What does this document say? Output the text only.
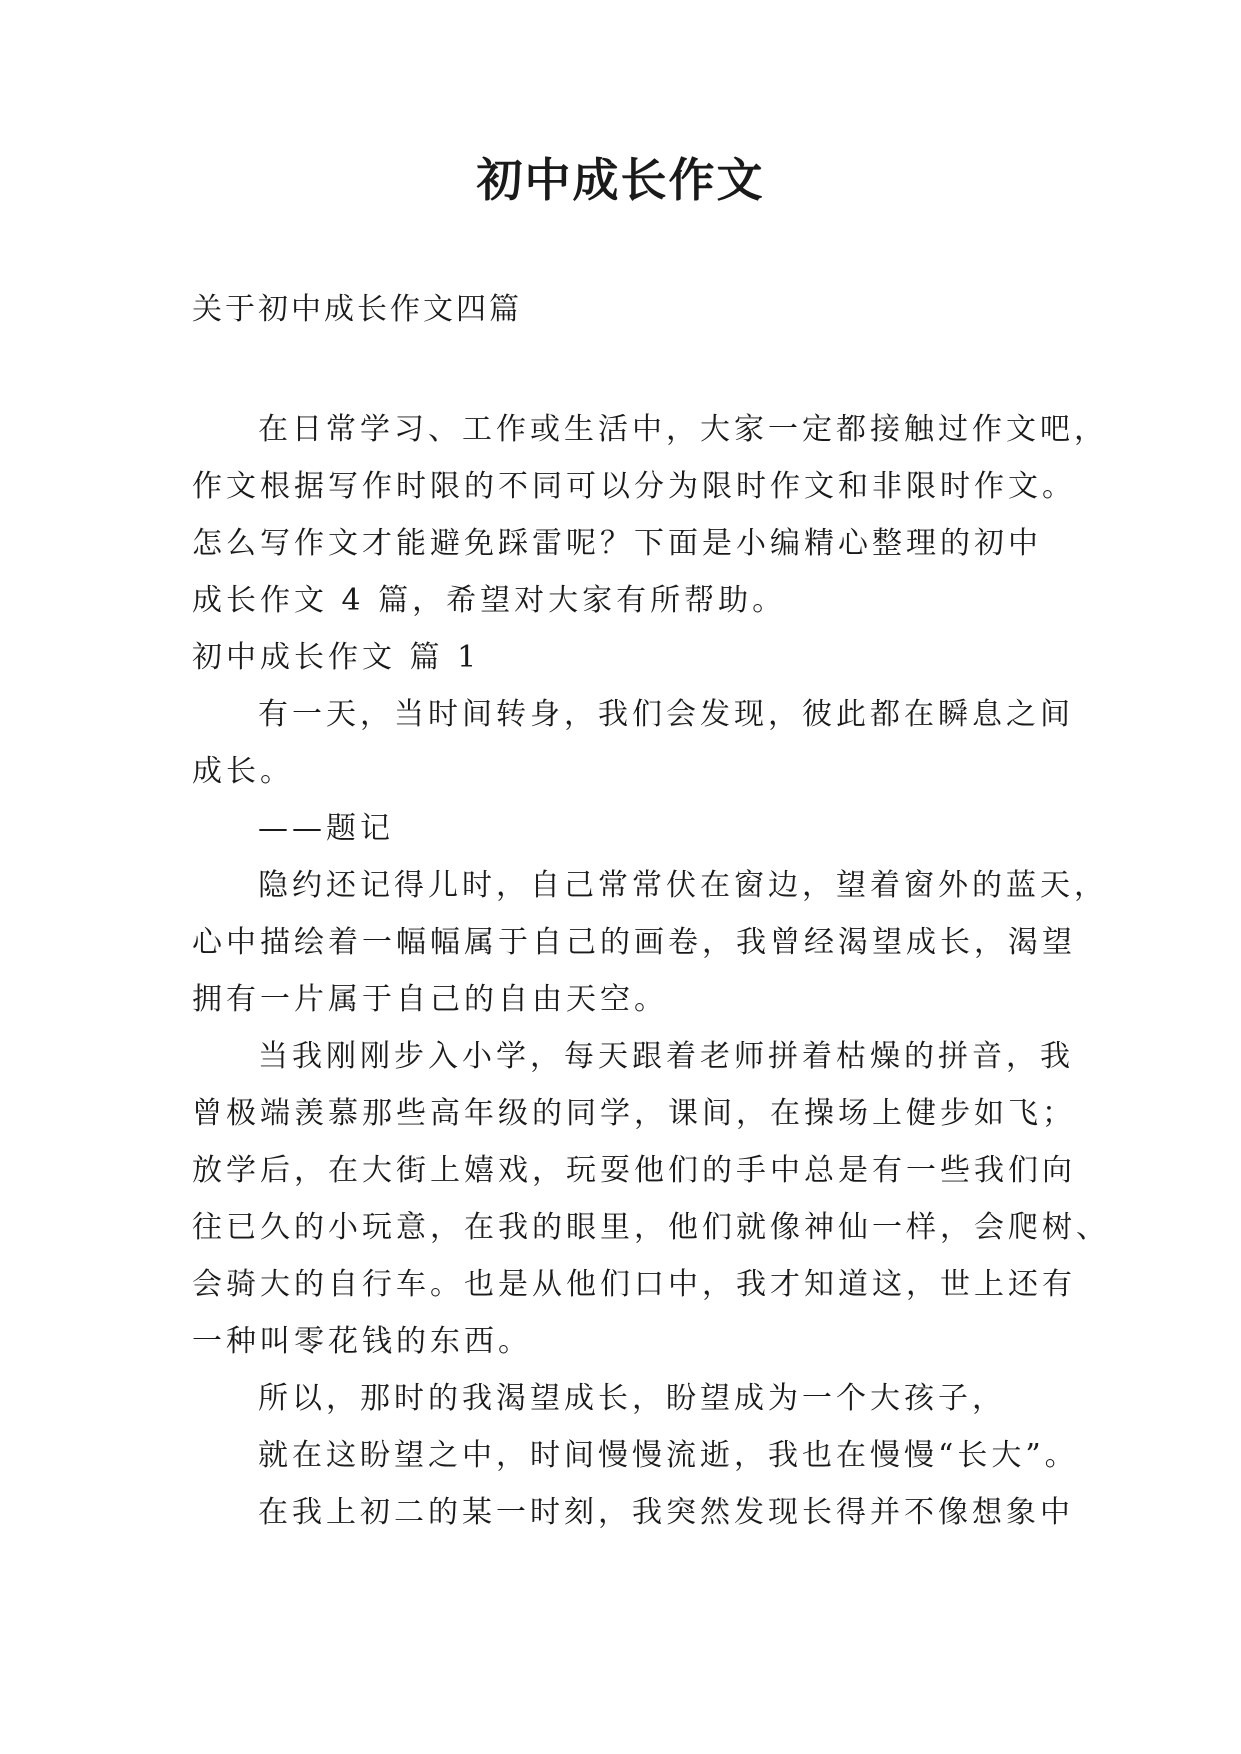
初中成长作文
关于初中成长作文四篇
在日常学习、工作或生活中，大家一定都接触过作文吧，
作文根据写作时限的不同可以分为限时作文和非限时作文。
怎么写作文才能避免踩雷呢？下面是小编精心整理的初中
成长作文 4 篇，希望对大家有所帮助。
初中成长作文 篇 1
有一天，当时间转身，我们会发现，彼此都在瞬息之间
成长。
——题记
隐约还记得儿时，自己常常伏在窗边，望着窗外的蓝天，
心中描绘着一幅幅属于自己的画卷，我曾经渴望成长，渴望
拥有一片属于自己的自由天空。
当我刚刚步入小学，每天跟着老师拼着枯燥的拼音，我
曾极端羡慕那些高年级的同学，课间，在操场上健步如飞；
放学后，在大街上嬉戏，玩耍他们的手中总是有一些我们向
往已久的小玩意，在我的眼里，他们就像神仙一样，会爬树、
会骑大的自行车。也是从他们口中，我才知道这，世上还有
一种叫零花钱的东西。
所以，那时的我渴望成长，盼望成为一个大孩子，
就在这盼望之中，时间慢慢流逝，我也在慢慢“长大”。
在我上初二的某一时刻，我突然发现长得并不像想象中
